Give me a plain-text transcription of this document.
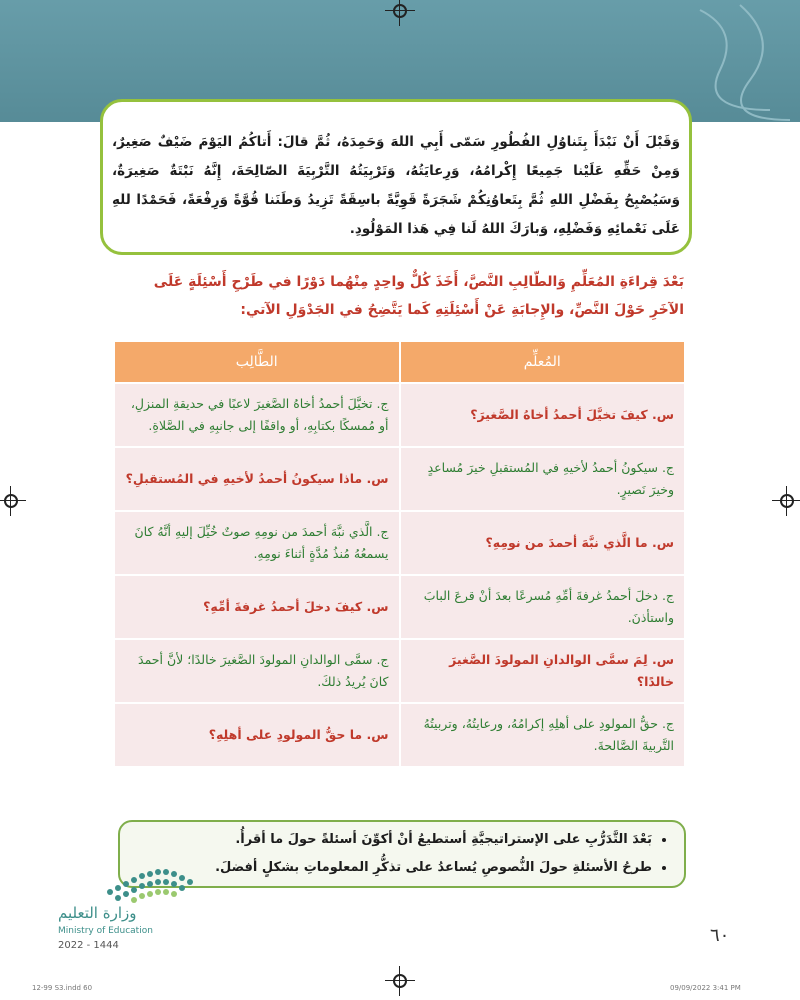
وَقَبْلَ أَنْ نَبْدَأَ بِتَناوُلِ الفُطُورِ سَمّى أَبِي اللهَ وَحَمِدَهُ، ثُمَّ قالَ: أَتاكُمُ اليَوْمَ ضَيْفٌ صَغِيرٌ، وَمِنْ حَقِّهِ عَلَيْنا جَمِيعًا إِكْرامُهُ، وَرِعايَتُهُ، وَتَرْبِيَتُهُ التَّرْبِيَةَ الصّالِحَةَ، إِنَّهُ نَبْتَةٌ صَغِيرَةٌ، وَسَيُصْبِحُ بِفَضْلِ اللهِ ثُمَّ بِتَعاوُنِكُمْ شَجَرَةً قَوِيَّةً باسِقَةً تَزِيدُ وَطَنَنا قُوَّةً وَرِفْعَةً، فَحَمْدًا للهِ عَلَى نَعْمائِهِ وَفَضْلِهِ، وَبارَكَ اللهُ لَنا فِي هَذا المَوْلُودِ.
بَعْدَ قِراءَةِ المُعَلِّمِ وَالطّالِبِ النَّصَّ، أَخَذَ كُلٌّ واحِدٍ مِنْهُما دَوْرًا في طَرْحِ أَسْئِلَةٍ عَلَى الآخَرِ حَوْلَ النَّصِّ، والإِجابَةِ عَنْ أَسْئِلَتِهِ كَما يَتَّضِحُ في الجَدْوَلِ الآتي:
المُعلِّم	الطَّالِب
س. كيفَ تخيَّلَ أحمدُ أخاهُ الصَّغيرَ؟	ج. تخيَّلَ أحمدُ أخاهُ الصَّغيرَ لاعبًا في حديقةِ المنزلِ، أو مُمسكًا بكتابِهِ، أو واقفًا إلى جانبِهِ في الصَّلاةِ.
ج. سيكونُ أحمدُ لأخيهِ في المُستقبلِ خيرَ مُساعدٍ وخيرَ نَصيرٍ.	س. ماذا سيكونُ أحمدُ لأخيهِ في المُستقبلِ؟
س. ما الَّذي نبَّهَ أحمدَ من نومِهِ؟	ج. الَّذي نبَّهَ أحمدَ من نومِهِ صوتٌ خُيِّلَ إليهِ أنَّهُ كانَ يسمعُهُ مُنذُ مُدَّةٍ أثناءَ نومِهِ.
ج. دخلَ أحمدُ غرفةَ أمِّهِ مُسرعًا بعدَ أنْ قرعَ البابَ واستأذنَ.	س. كيفَ دخلَ أحمدُ غرفةَ أمِّهِ؟
س. لِمَ سمَّى الوالدانِ المولودَ الصَّغيرَ خالدًا؟	ج. سمَّى الوالدانِ المولودَ الصَّغيرَ خالدًا؛ لأنَّ أحمدَ كانَ يُريدُ ذلكَ.
ج. حقُّ المولودِ على أهلِهِ إكرامُهُ، ورعايتُهُ، وتربيتُهُ التَّربيةَ الصَّالحةَ.	س. ما حقُّ المولودِ على أهلِهِ؟
• بَعْدَ التَّدَرُّبِ على الإستراتيجيَّةِ أستطيعُ أنْ أكوِّنَ أسئلةً حولَ ما أقرأُ.
• طرحُ الأسئلةِ حولَ النُّصوصِ يُساعدُ على تذكُّرِ المعلوماتِ بشكلٍ أفضلَ.
وزارة التعليم
Ministry of Education
2022 - 1444	٦٠
12-99 S3.indd 60	09/09/2022 3:41 PM
